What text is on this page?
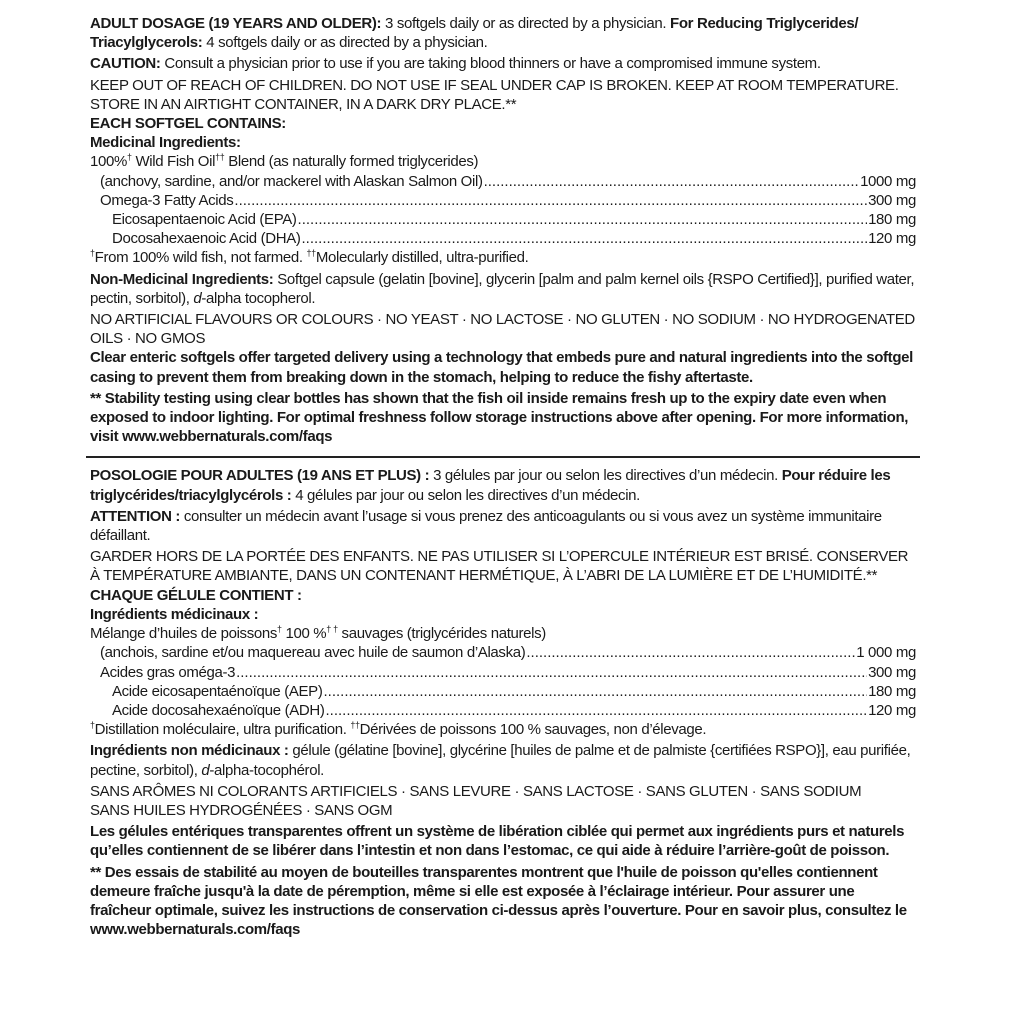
ADULT DOSAGE (19 YEARS AND OLDER): 3 softgels daily or as directed by a physician. For Reducing Triglycerides/ Triacylglycerols: 4 softgels daily or as directed by a physician.

CAUTION: Consult a physician prior to use if you are taking blood thinners or have a compromised immune system.

KEEP OUT OF REACH OF CHILDREN. DO NOT USE IF SEAL UNDER CAP IS BROKEN. KEEP AT ROOM TEMPERATURE. STORE IN AN AIRTIGHT CONTAINER, IN A DARK DRY PLACE.**

EACH SOFTGEL CONTAINS:

Medicinal Ingredients:

100%† Wild Fish Oil†† Blend (as naturally formed triglycerides)

(anchovy, sardine, and/or mackerel with Alaskan Salmon Oil) .....	1000 mg
Omega-3 Fatty Acids .....	300 mg
Eicosapentaenoic Acid (EPA) .....	180 mg
Docosahexaenoic Acid (DHA) .....	120 mg

†From 100% wild fish, not farmed. ††Molecularly distilled, ultra-purified.

Non-Medicinal Ingredients: Softgel capsule (gelatin [bovine], glycerin [palm and palm kernel oils {RSPO Certified}], purified water, pectin, sorbitol), d-alpha tocopherol.

NO ARTIFICIAL FLAVOURS OR COLOURS · NO YEAST · NO LACTOSE · NO GLUTEN · NO SODIUM · NO HYDROGENATED OILS · NO GMOS

Clear enteric softgels offer targeted delivery using a technology that embeds pure and natural ingredients into the softgel casing to prevent them from breaking down in the stomach, helping to reduce the fishy aftertaste.

** Stability testing using clear bottles has shown that the fish oil inside remains fresh up to the expiry date even when exposed to indoor lighting. For optimal freshness follow storage instructions above after opening. For more information, visit www.webbernaturals.com/faqs

POSOLOGIE POUR ADULTES (19 ANS ET PLUS) : 3 gélules par jour ou selon les directives d’un médecin. Pour réduire les triglycérides/triacylglycérols : 4 gélules par jour ou selon les directives d’un médecin.

ATTENTION : consulter un médecin avant l’usage si vous prenez des anticoagulants ou si vous avez un système immunitaire défaillant.

GARDER HORS DE LA PORTÉE DES ENFANTS. NE PAS UTILISER SI L’OPERCULE INTÉRIEUR EST BRISÉ. CONSERVER À TEMPÉRATURE AMBIANTE, DANS UN CONTENANT HERMÉTIQUE, À L’ABRI DE LA LUMIÈRE ET DE L’HUMIDITÉ.**

CHAQUE GÉLULE CONTIENT :

Ingrédients médicinaux :

Mélange d’huiles de poissons† 100 %† † sauvages (triglycérides naturels)

(anchois, sardine et/ou maquereau avec huile de saumon d’Alaska) .....	1 000 mg
Acides gras oméga-3 .....	300 mg
Acide eicosapentaénoïque (AEP) .....	180 mg
Acide docosahexaénoïque (ADH) .....	120 mg

†Distillation moléculaire, ultra purification. ††Dérivées de poissons 100 % sauvages, non d’élevage.

Ingrédients non médicinaux : gélule (gélatine [bovine], glycérine [huiles de palme et de palmiste {certifiées RSPO}], eau purifiée, pectine, sorbitol), d-alpha-tocophérol.

SANS ARÔMES NI COLORANTS ARTIFICIELS · SANS LEVURE · SANS LACTOSE · SANS GLUTEN · SANS SODIUM

SANS HUILES HYDROGÉNÉES · SANS OGM

Les gélules entériques transparentes offrent un système de libération ciblée qui permet aux ingrédients purs et naturels qu’elles contiennent de se libérer dans l’intestin et non dans l’estomac, ce qui aide à réduire l’arrière-goût de poisson.

** Des essais de stabilité au moyen de bouteilles transparentes montrent que l'huile de poisson qu'elles contiennent demeure fraîche jusqu'à la date de péremption, même si elle est exposée à l’éclairage intérieur. Pour assurer une fraîcheur optimale, suivez les instructions de conservation ci-dessus après l’ouverture. Pour en savoir plus, consultez le www.webbernaturals.com/faqs
